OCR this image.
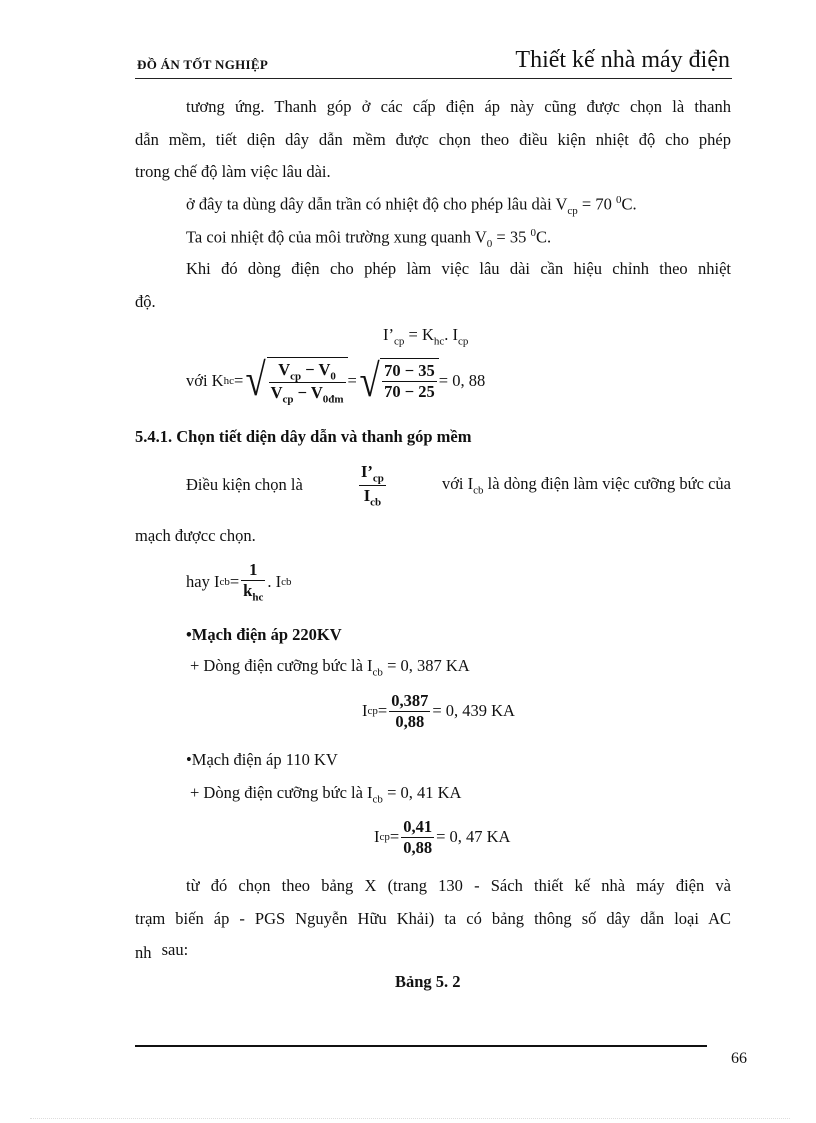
ĐỒ ÁN TỐT NGHIỆP	Thiết kế nhà máy điện
tương ứng. Thanh góp ở các cấp điện áp này cũng được chọn là thanh
dẫn mềm, tiết diện dây dẫn mềm được chọn theo điều kiện nhiệt độ cho phép
trong chế độ làm việc lâu dài.
ở đây ta dùng dây dẫn trần có nhiệt độ cho phép lâu dài $V_{cp} = 70$ $^0$C.
Ta coi nhiệt độ của môi trường xung quanh $V_0 = 35$ $^0$C.
Khi đó dòng điện cho phép làm việc lâu dài cần hiệu chỉnh theo nhiệt
độ.
$I’_{cp} = K_{hc}$. $I_{cp}$
với K hc = √ $\frac{V_{cp} - V_0}{V_{cp} - V_{0đm}}$ = √ $\frac{70 - 35}{70 - 25} = 0$, 88
5.4.1. Chọn tiết diện dây dẫn và thanh góp mềm
Điều kiện chọn là	$\frac{I’_{cp}}{I_{cb}}$	với $I_{cb}$ là dòng điện làm việc cưỡng bức của
mạch đượcc chọn.
hay I cb = $\frac{1}{k_{hc}}$ . I cb
•Mạch điện áp 220KV
+ Dòng điện cưỡng bức là $I_{cb} = 0$, 387 KA
I cp = $\frac{0,387}{0,88} = 0$, 439 KA
•Mạch điện áp 110 KV
+ Dòng điện cưỡng bức là $I_{cb} = 0$, 41 KA
I cp = $\frac{0,41}{0,88} = 0$, 47 KA
từ đó chọn theo bảng X (trang 130 - Sách thiết kế nhà máy điện và
trạm biến áp - PGS Nguyễn Hữu Khải) ta có bảng thông số dây dẫn loại AC
nh sau:
Bảng 5. 2
66
